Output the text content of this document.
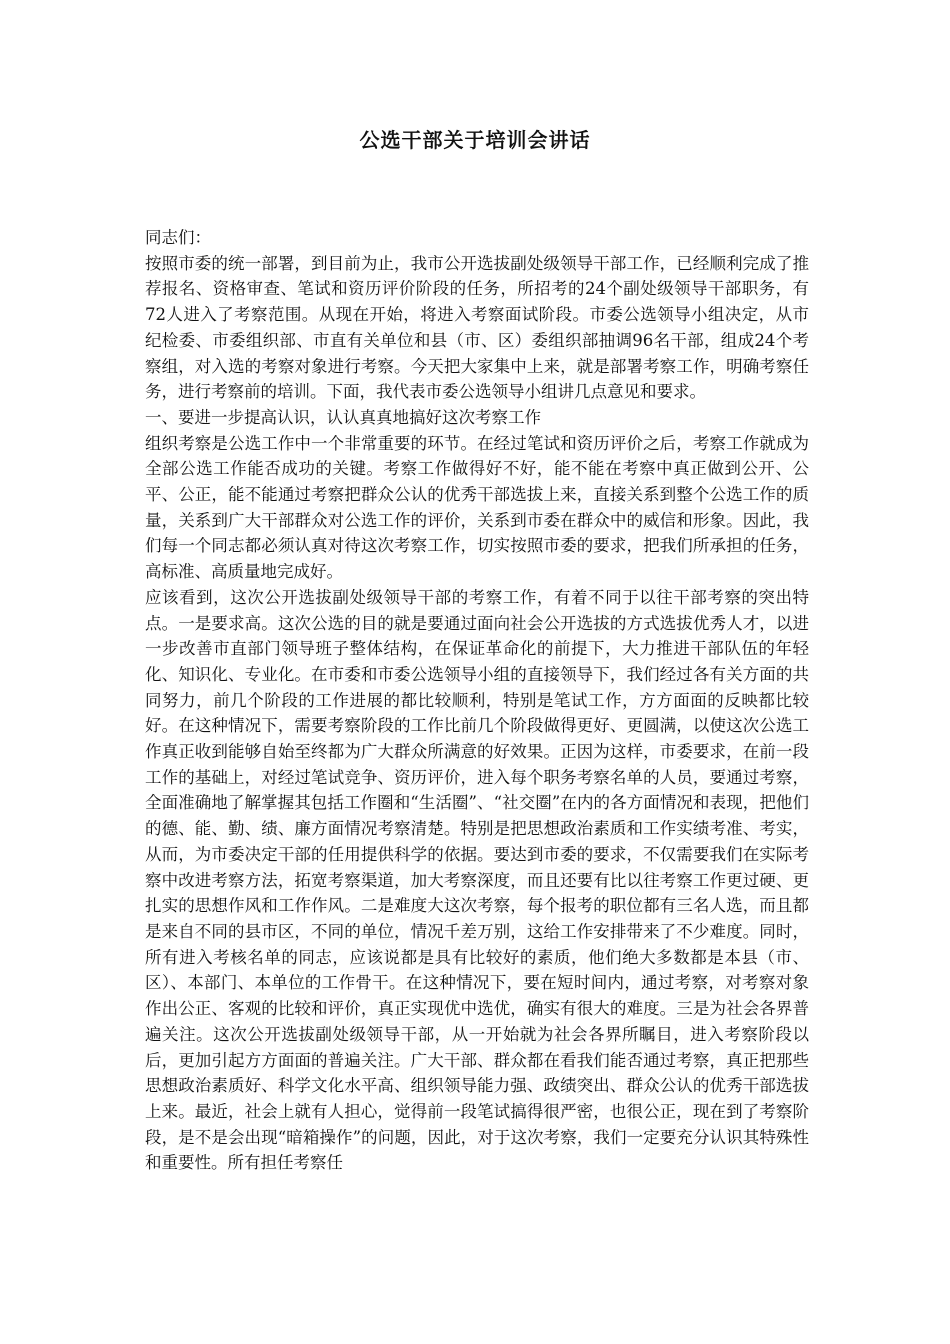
公选干部关于培训会讲话

同志们：

按照市委的统一部署，到目前为止，我市公开选拔副处级领导干部工作，已经顺利完成了推荐报名、资格审查、笔试和资历评价阶段的任务，所招考的24个副处级领导干部职务，有72人进入了考察范围。从现在开始，将进入考察面试阶段。市委公选领导小组决定，从市纪检委、市委组织部、市直有关单位和县（市、区）委组织部抽调96名干部，组成24个考察组，对入选的考察对象进行考察。今天把大家集中上来，就是部署考察工作，明确考察任务，进行考察前的培训。下面，我代表市委公选领导小组讲几点意见和要求。

一、要进一步提高认识，认认真真地搞好这次考察工作

组织考察是公选工作中一个非常重要的环节。在经过笔试和资历评价之后，考察工作就成为全部公选工作能否成功的关键。考察工作做得好不好，能不能在考察中真正做到公开、公平、公正，能不能通过考察把群众公认的优秀干部选拔上来，直接关系到整个公选工作的质量，关系到广大干部群众对公选工作的评价，关系到市委在群众中的威信和形象。因此，我们每一个同志都必须认真对待这次考察工作，切实按照市委的要求，把我们所承担的任务，高标准、高质量地完成好。

应该看到，这次公开选拔副处级领导干部的考察工作，有着不同于以往干部考察的突出特点。一是要求高。这次公选的目的就是要通过面向社会公开选拔的方式选拔优秀人才，以进一步改善市直部门领导班子整体结构，在保证革命化的前提下，大力推进干部队伍的年轻化、知识化、专业化。在市委和市委公选领导小组的直接领导下，我们经过各有关方面的共同努力，前几个阶段的工作进展的都比较顺利，特别是笔试工作，方方面面的反映都比较好。在这种情况下，需要考察阶段的工作比前几个阶段做得更好、更圆满，以使这次公选工作真正收到能够自始至终都为广大群众所满意的好效果。正因为这样，市委要求，在前一段工作的基础上，对经过笔试竞争、资历评价，进入每个职务考察名单的人员，要通过考察，全面准确地了解掌握其包括工作圈和“生活圈”、“社交圈”在内的各方面情况和表现，把他们的德、能、勤、绩、廉方面情况考察清楚。特别是把思想政治素质和工作实绩考准、考实，从而，为市委决定干部的任用提供科学的依据。要达到市委的要求，不仅需要我们在实际考察中改进考察方法，拓宽考察渠道，加大考察深度，而且还要有比以往考察工作更过硬、更扎实的思想作风和工作作风。二是难度大这次考察，每个报考的职位都有三名人选，而且都是来自不同的县市区，不同的单位，情况千差万别，这给工作安排带来了不少难度。同时，所有进入考核名单的同志，应该说都是具有比较好的素质，他们绝大多数都是本县（市、区）、本部门、本单位的工作骨干。在这种情况下，要在短时间内，通过考察，对考察对象作出公正、客观的比较和评价，真正实现优中选优，确实有很大的难度。三是为社会各界普遍关注。这次公开选拔副处级领导干部，从一开始就为社会各界所瞩目，进入考察阶段以后，更加引起方方面面的普遍关注。广大干部、群众都在看我们能否通过考察，真正把那些思想政治素质好、科学文化水平高、组织领导能力强、政绩突出、群众公认的优秀干部选拔上来。最近，社会上就有人担心，觉得前一段笔试搞得很严密，也很公正，现在到了考察阶段，是不是会出现“暗箱操作”的问题，因此，对于这次考察，我们一定要充分认识其特殊性和重要性。所有担任考察任
